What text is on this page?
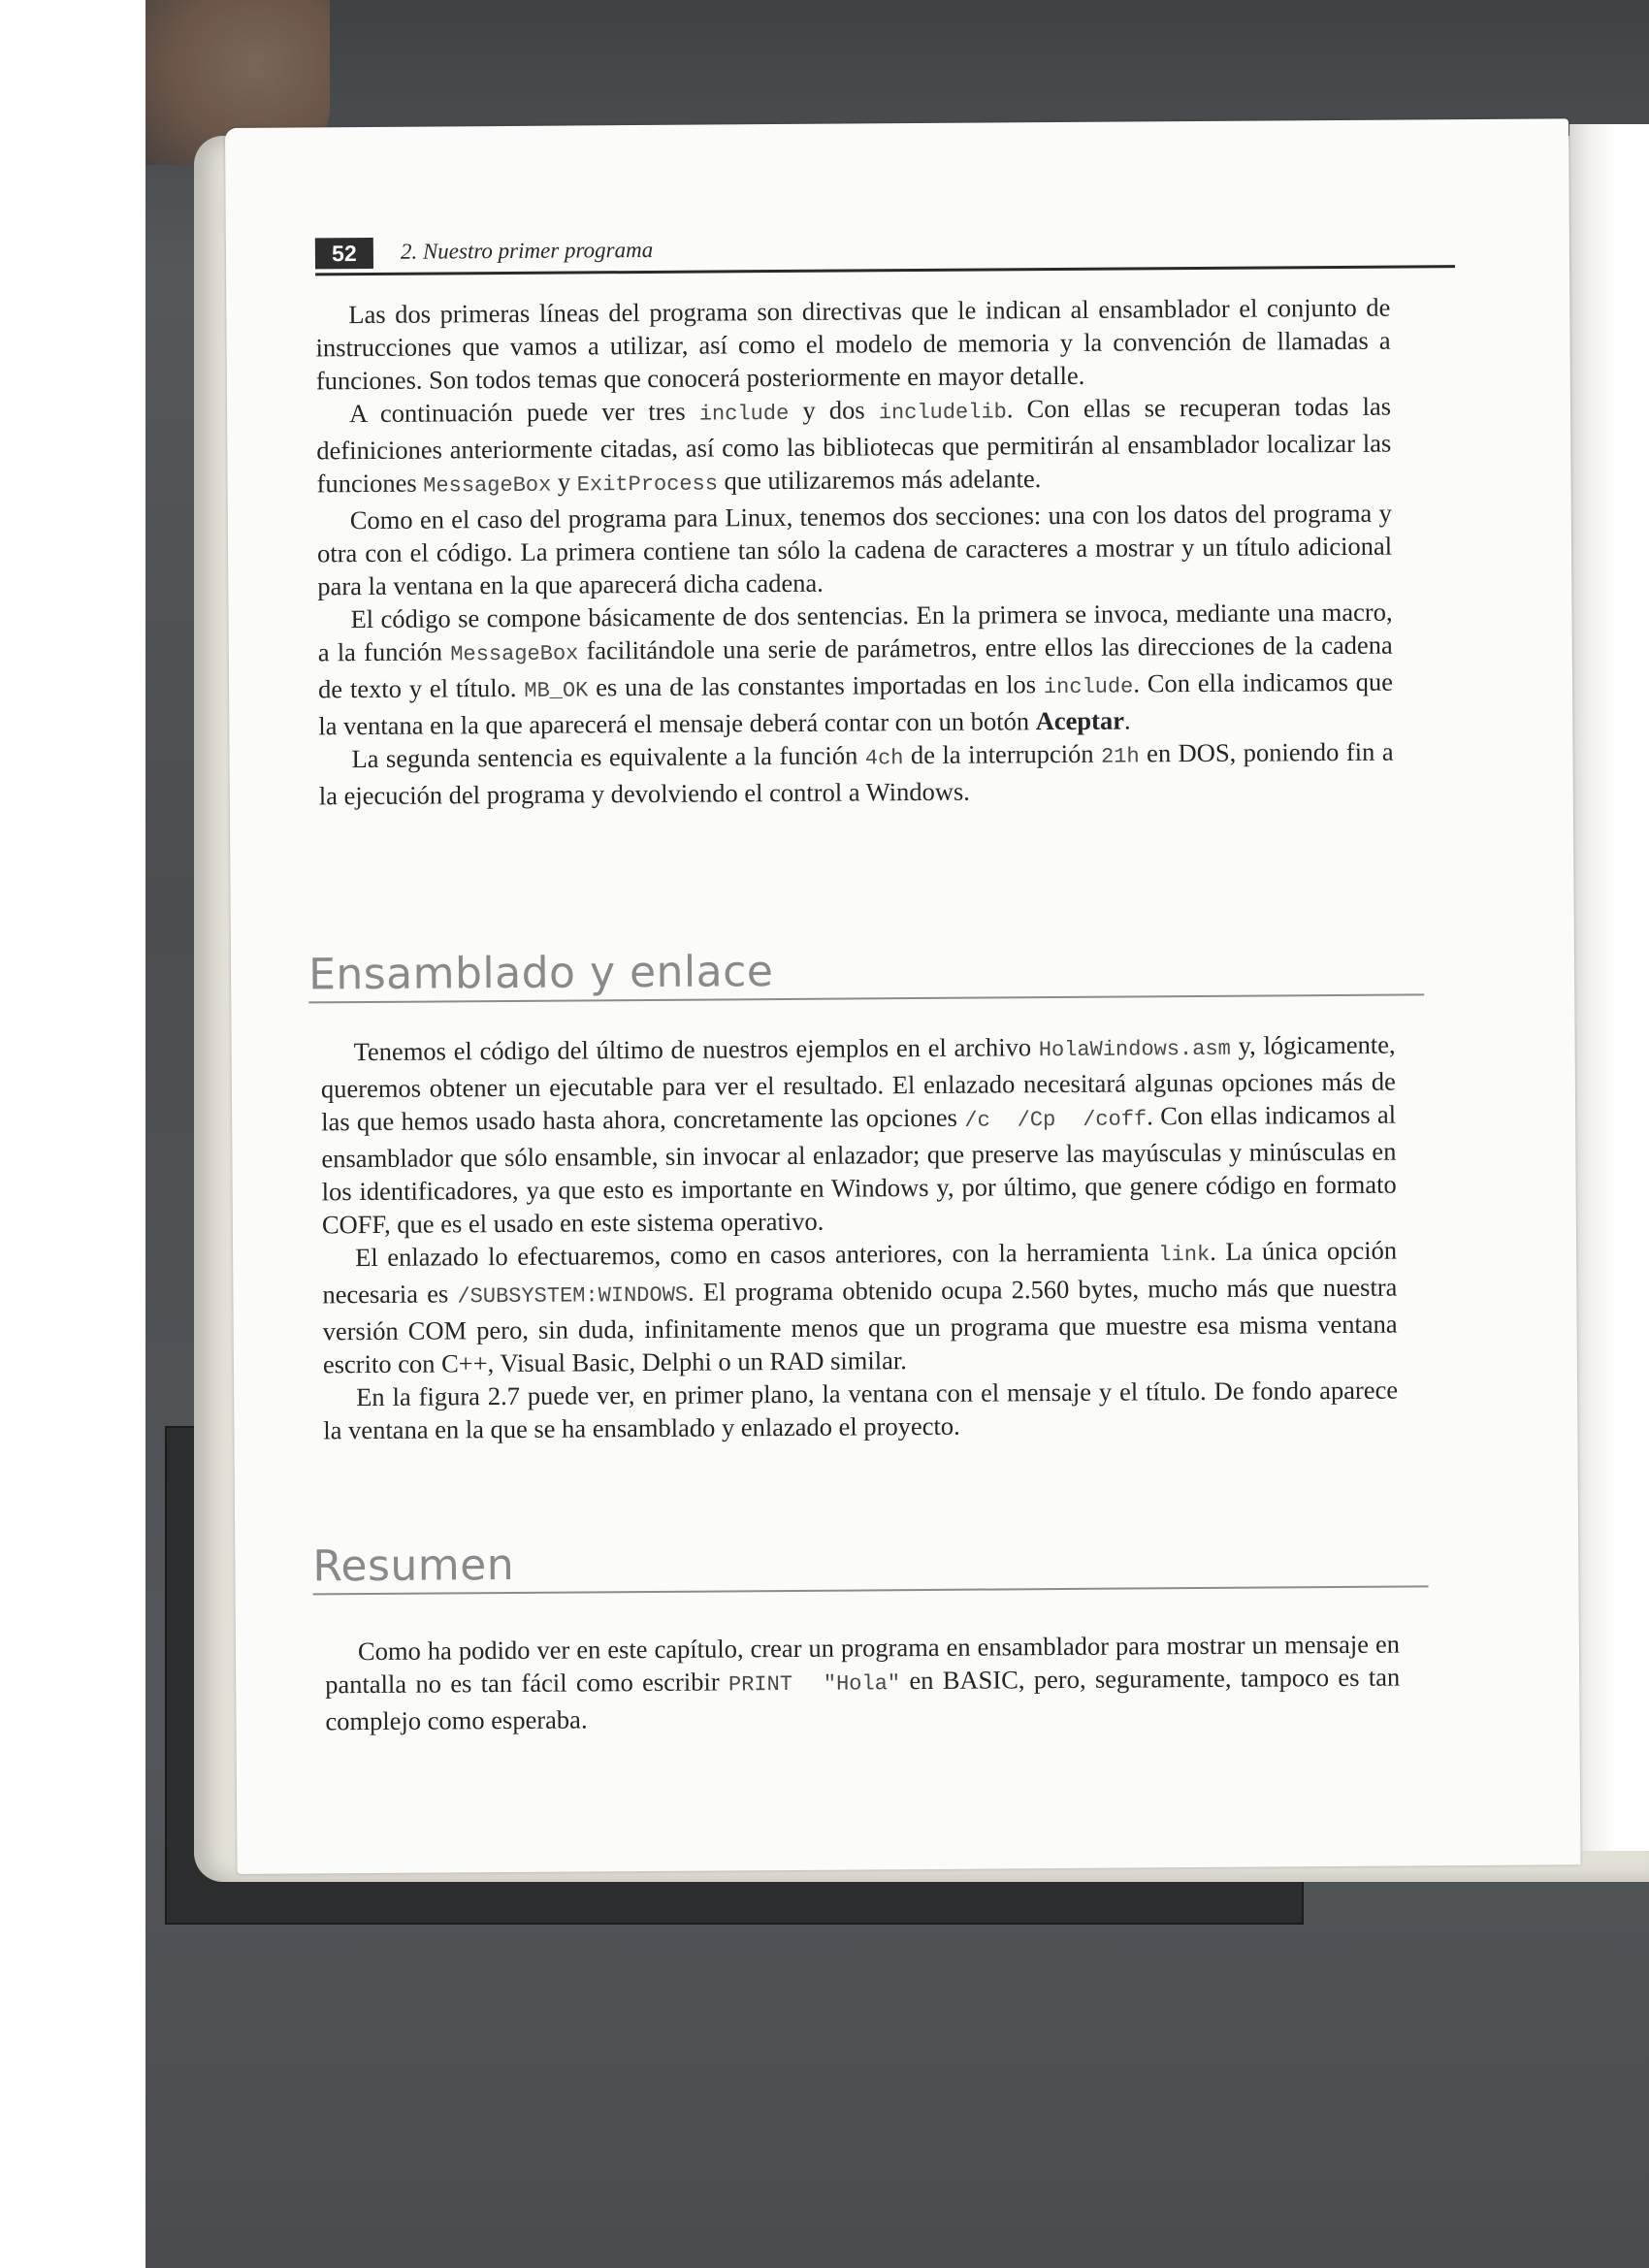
52	2. Nuestro primer programa

Las dos primeras líneas del programa son directivas que le indican al ensamblador el conjunto de instrucciones que vamos a utilizar, así como el modelo de memoria y la convención de llamadas a funciones. Son todos temas que conocerá posteriormente en mayor detalle.

A continuación puede ver tres include y dos includelib. Con ellas se recuperan todas las definiciones anteriormente citadas, así como las bibliotecas que permitirán al ensamblador localizar las funciones MessageBox y ExitProcess que utilizaremos más adelante.

Como en el caso del programa para Linux, tenemos dos secciones: una con los datos del programa y otra con el código. La primera contiene tan sólo la cadena de caracteres a mostrar y un título adicional para la ventana en la que aparecerá dicha cadena.

El código se compone básicamente de dos sentencias. En la primera se invoca, mediante una macro, a la función MessageBox facilitándole una serie de parámetros, entre ellos las direcciones de la cadena de texto y el título. MB_OK es una de las constantes importadas en los include. Con ella indicamos que la ventana en la que aparecerá el mensaje deberá contar con un botón Aceptar.

La segunda sentencia es equivalente a la función 4ch de la interrupción 21h en DOS, poniendo fin a la ejecución del programa y devolviendo el control a Windows.

Ensamblado y enlace

Tenemos el código del último de nuestros ejemplos en el archivo HolaWindows.asm y, lógicamente, queremos obtener un ejecutable para ver el resultado. El enlazado necesitará algunas opciones más de las que hemos usado hasta ahora, concretamente las opciones /c  /Cp  /coff. Con ellas indicamos al ensamblador que sólo ensamble, sin invocar al enlazador; que preserve las mayúsculas y minúsculas en los identificadores, ya que esto es importante en Windows y, por último, que genere código en formato COFF, que es el usado en este sistema operativo.

El enlazado lo efectuaremos, como en casos anteriores, con la herramienta link. La única opción necesaria es /SUBSYSTEM:WINDOWS. El programa obtenido ocupa 2.560 bytes, mucho más que nuestra versión COM pero, sin duda, infinitamente menos que un programa que muestre esa misma ventana escrito con C++, Visual Basic, Delphi o un RAD similar.

En la figura 2.7 puede ver, en primer plano, la ventana con el mensaje y el título. De fondo aparece la ventana en la que se ha ensamblado y enlazado el proyecto.

Resumen

Como ha podido ver en este capítulo, crear un programa en ensamblador para mostrar un mensaje en pantalla no es tan fácil como escribir PRINT  "Hola" en BASIC, pero, seguramente, tampoco es tan complejo como esperaba.
